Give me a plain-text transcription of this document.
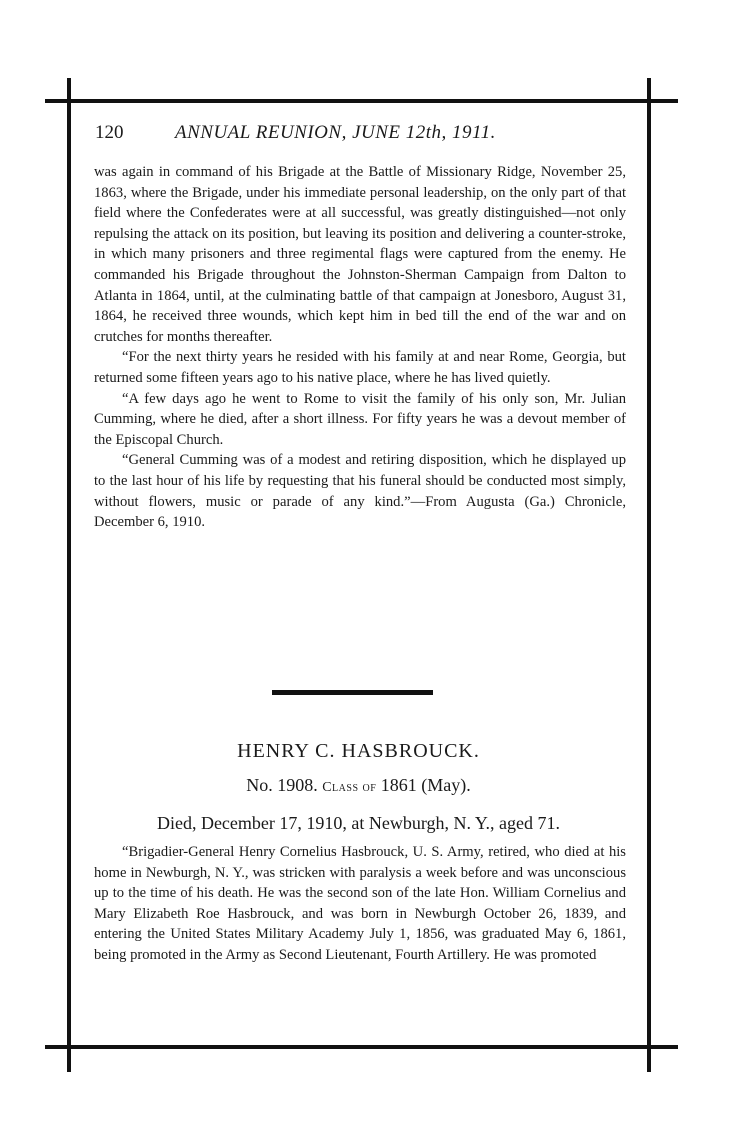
120	ANNUAL REUNION, JUNE 12th, 1911.

was again in command of his Brigade at the Battle of Missionary Ridge, November 25, 1863, where the Brigade, under his immediate personal leadership, on the only part of that field where the Confederates were at all successful, was greatly distinguished—not only repulsing the attack on its position, but leaving its position and delivering a counter-stroke, in which many prisoners and three regimental flags were captured from the enemy. He commanded his Brigade throughout the Johnston-Sherman Campaign from Dalton to Atlanta in 1864, until, at the culminating battle of that campaign at Jonesboro, August 31, 1864, he received three wounds, which kept him in bed till the end of the war and on crutches for months thereafter.

“For the next thirty years he resided with his family at and near Rome, Georgia, but returned some fifteen years ago to his native place, where he has lived quietly.

“A few days ago he went to Rome to visit the family of his only son, Mr. Julian Cumming, where he died, after a short illness. For fifty years he was a devout member of the Episcopal Church.

“General Cumming was of a modest and retiring disposition, which he displayed up to the last hour of his life by requesting that his funeral should be conducted most simply, without flowers, music or parade of any kind.”—From Augusta (Ga.) Chronicle, December 6, 1910.

HENRY C. HASBROUCK.
No. 1908. Class of 1861 (May).
Died, December 17, 1910, at Newburgh, N. Y., aged 71.

“Brigadier-General Henry Cornelius Hasbrouck, U. S. Army, retired, who died at his home in Newburgh, N. Y., was stricken with paralysis a week before and was unconscious up to the time of his death. He was the second son of the late Hon. William Cornelius and Mary Elizabeth Roe Hasbrouck, and was born in Newburgh October 26, 1839, and entering the United States Military Academy July 1, 1856, was graduated May 6, 1861, being promoted in the Army as Second Lieutenant, Fourth Artillery. He was promoted
